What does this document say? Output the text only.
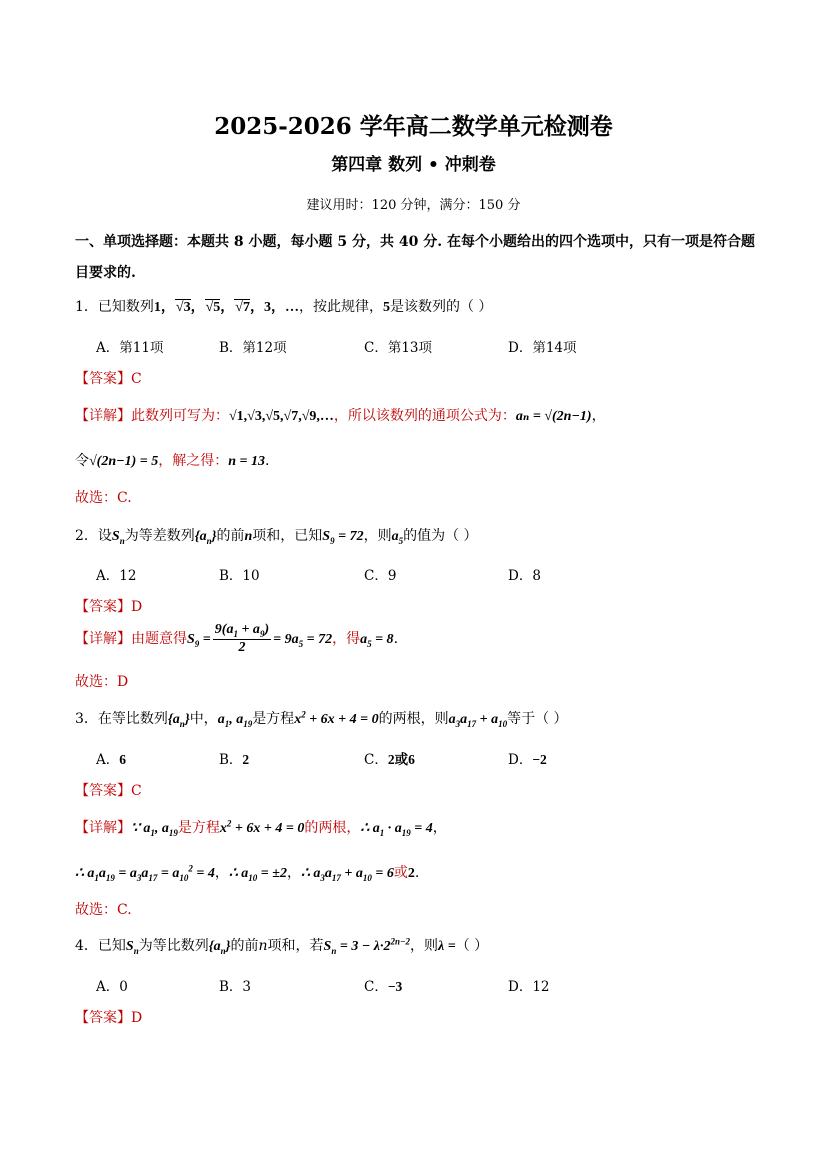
2025-2026 学年高二数学单元检测卷
第四章 数列 • 冲刺卷
建议用时：120 分钟，满分：150 分
一、单项选择题：本题共 8 小题，每小题 5 分，共 40 分. 在每个小题给出的四个选项中，只有一项是符合题目要求的.
1．已知数列1，√3，√5，√7，3，…，按此规律，5是该数列的（ ）
A．第11项	B．第12项	C．第13项	D．第14项
【答案】C
【详解】此数列可写为：√1,√3,√5,√7,√9,…，所以该数列的通项公式为：aₙ = √(2n−1)，
令√(2n−1) = 5，解之得：n = 13.
故选：C.
2．设$S_n$为等差数列$\{a_n\}$的前n项和，已知$S_9 = 72$，则$a_5$的值为（ ）
A．12	B．10	C．9	D．8
【答案】D
【详解】由题意得$S_9 = \frac{9(a_1 + a_9)}{2} = 9a_5 = 72$，得$a_5 = 8$.
故选：D
3．在等比数列$\{a_n\}$中，$a_1$, $a_{19}$是方程$x^2 + 6x + 4 = 0$的两根，则$a_3a_{17} + a_{10}$等于（ ）
A．6	B．2	C．2或6	D．−2
【答案】C
【详解】∵ $a_1$, $a_{19}$是方程$x^2 + 6x + 4 = 0$的两根，∴ $a_1 \cdot a_{19} = 4$，
∴ $a_1a_{19} = a_3a_{17} = a_{10}^2 = 4$，∴ $a_{10} = \pm 2$，∴ $a_3a_{17} + a_{10} = 6$或2.
故选：C.
4．已知$S_n$为等比数列$\{a_n\}$的前n项和，若$S_n = 3 - \lambda\cdot 2^{2n-2}$，则λ =（ ）
A．0	B．3	C．−3	D．12
【答案】D
